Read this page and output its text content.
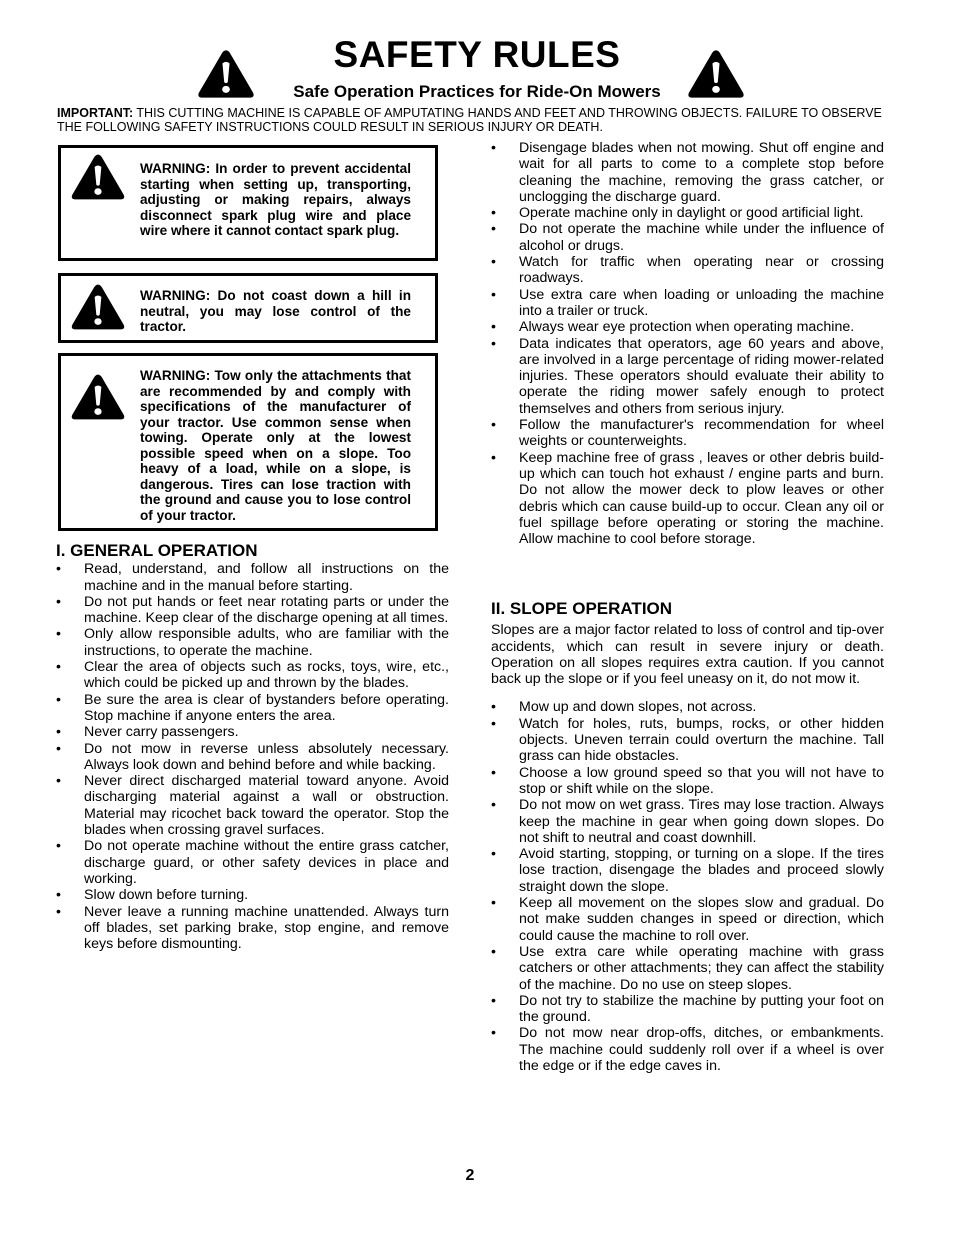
SAFETY RULES
Safe Operation Practices for Ride-On Mowers
IMPORTANT: THIS CUTTING MACHINE IS CAPABLE OF AMPUTATING HANDS AND FEET AND THROWING OBJECTS. FAILURE TO OBSERVE THE FOLLOWING SAFETY INSTRUCTIONS COULD RESULT IN SERIOUS INJURY OR DEATH.
WARNING: In order to prevent accidental starting when setting up, transporting, adjusting or making repairs, always disconnect spark plug wire and place wire where it cannot contact spark plug.
WARNING: Do not coast down a hill in neutral, you may lose control of the tractor.
WARNING: Tow only the attachments that are recommended by and comply with specifications of the manufacturer of your tractor. Use common sense when towing. Operate only at the lowest possible speed when on a slope. Too heavy of a load, while on a slope, is dangerous. Tires can lose traction with the ground and cause you to lose control of your tractor.
I. GENERAL OPERATION
• Read, understand, and follow all instructions on the machine and in the manual before starting.
• Do not put hands or feet near rotating parts or under the machine. Keep clear of the discharge opening at all times.
• Only allow responsible adults, who are familiar with the instructions, to operate the machine.
• Clear the area of objects such as rocks, toys, wire, etc., which could be picked up and thrown by the blades.
• Be sure the area is clear of bystanders before operating. Stop machine if anyone enters the area.
• Never carry passengers.
• Do not mow in reverse unless absolutely necessary. Always look down and behind before and while backing.
• Never direct discharged material toward anyone. Avoid discharging material against a wall or obstruction. Material may ricochet back toward the operator. Stop the blades when crossing gravel surfaces.
• Do not operate machine without the entire grass catcher, discharge guard, or other safety devices in place and working.
• Slow down before turning.
• Never leave a running machine unattended. Always turn off blades, set parking brake, stop engine, and remove keys before dismounting.
• Disengage blades when not mowing. Shut off engine and wait for all parts to come to a complete stop before cleaning the machine, removing the grass catcher, or unclogging the discharge guard.
• Operate machine only in daylight or good artificial light.
• Do not operate the machine while under the influence of alcohol or drugs.
• Watch for traffic when operating near or crossing roadways.
• Use extra care when loading or unloading the machine into a trailer or truck.
• Always wear eye protection when operating machine.
• Data indicates that operators, age 60 years and above, are involved in a large percentage of riding mower-related injuries. These operators should evaluate their ability to operate the riding mower safely enough to protect themselves and others from serious injury.
• Follow the manufacturer's recommendation for wheel weights or counterweights.
• Keep machine free of grass , leaves or other debris build-up which can touch hot exhaust / engine parts and burn. Do not allow the mower deck to plow leaves or other debris which can cause build-up to occur. Clean any oil or fuel spillage before operating or storing the machine. Allow machine to cool before storage.
II. SLOPE OPERATION
Slopes are a major factor related to loss of control and tip-over accidents, which can result in severe injury or death. Operation on all slopes requires extra caution. If you cannot back up the slope or if you feel uneasy on it, do not mow it.
• Mow up and down slopes, not across.
• Watch for holes, ruts, bumps, rocks, or other hidden objects. Uneven terrain could overturn the machine. Tall grass can hide obstacles.
• Choose a low ground speed so that you will not have to stop or shift while on the slope.
• Do not mow on wet grass. Tires may lose traction. Always keep the machine in gear when going down slopes. Do not shift to neutral and coast downhill.
• Avoid starting, stopping, or turning on a slope. If the tires lose traction, disengage the blades and proceed slowly straight down the slope.
• Keep all movement on the slopes slow and gradual. Do not make sudden changes in speed or direction, which could cause the machine to roll over.
• Use extra care while operating machine with grass catchers or other attachments; they can affect the stability of the machine. Do no use on steep slopes.
• Do not try to stabilize the machine by putting your foot on the ground.
• Do not mow near drop-offs, ditches, or embankments. The machine could suddenly roll over if a wheel is over the edge or if the edge caves in.
2
